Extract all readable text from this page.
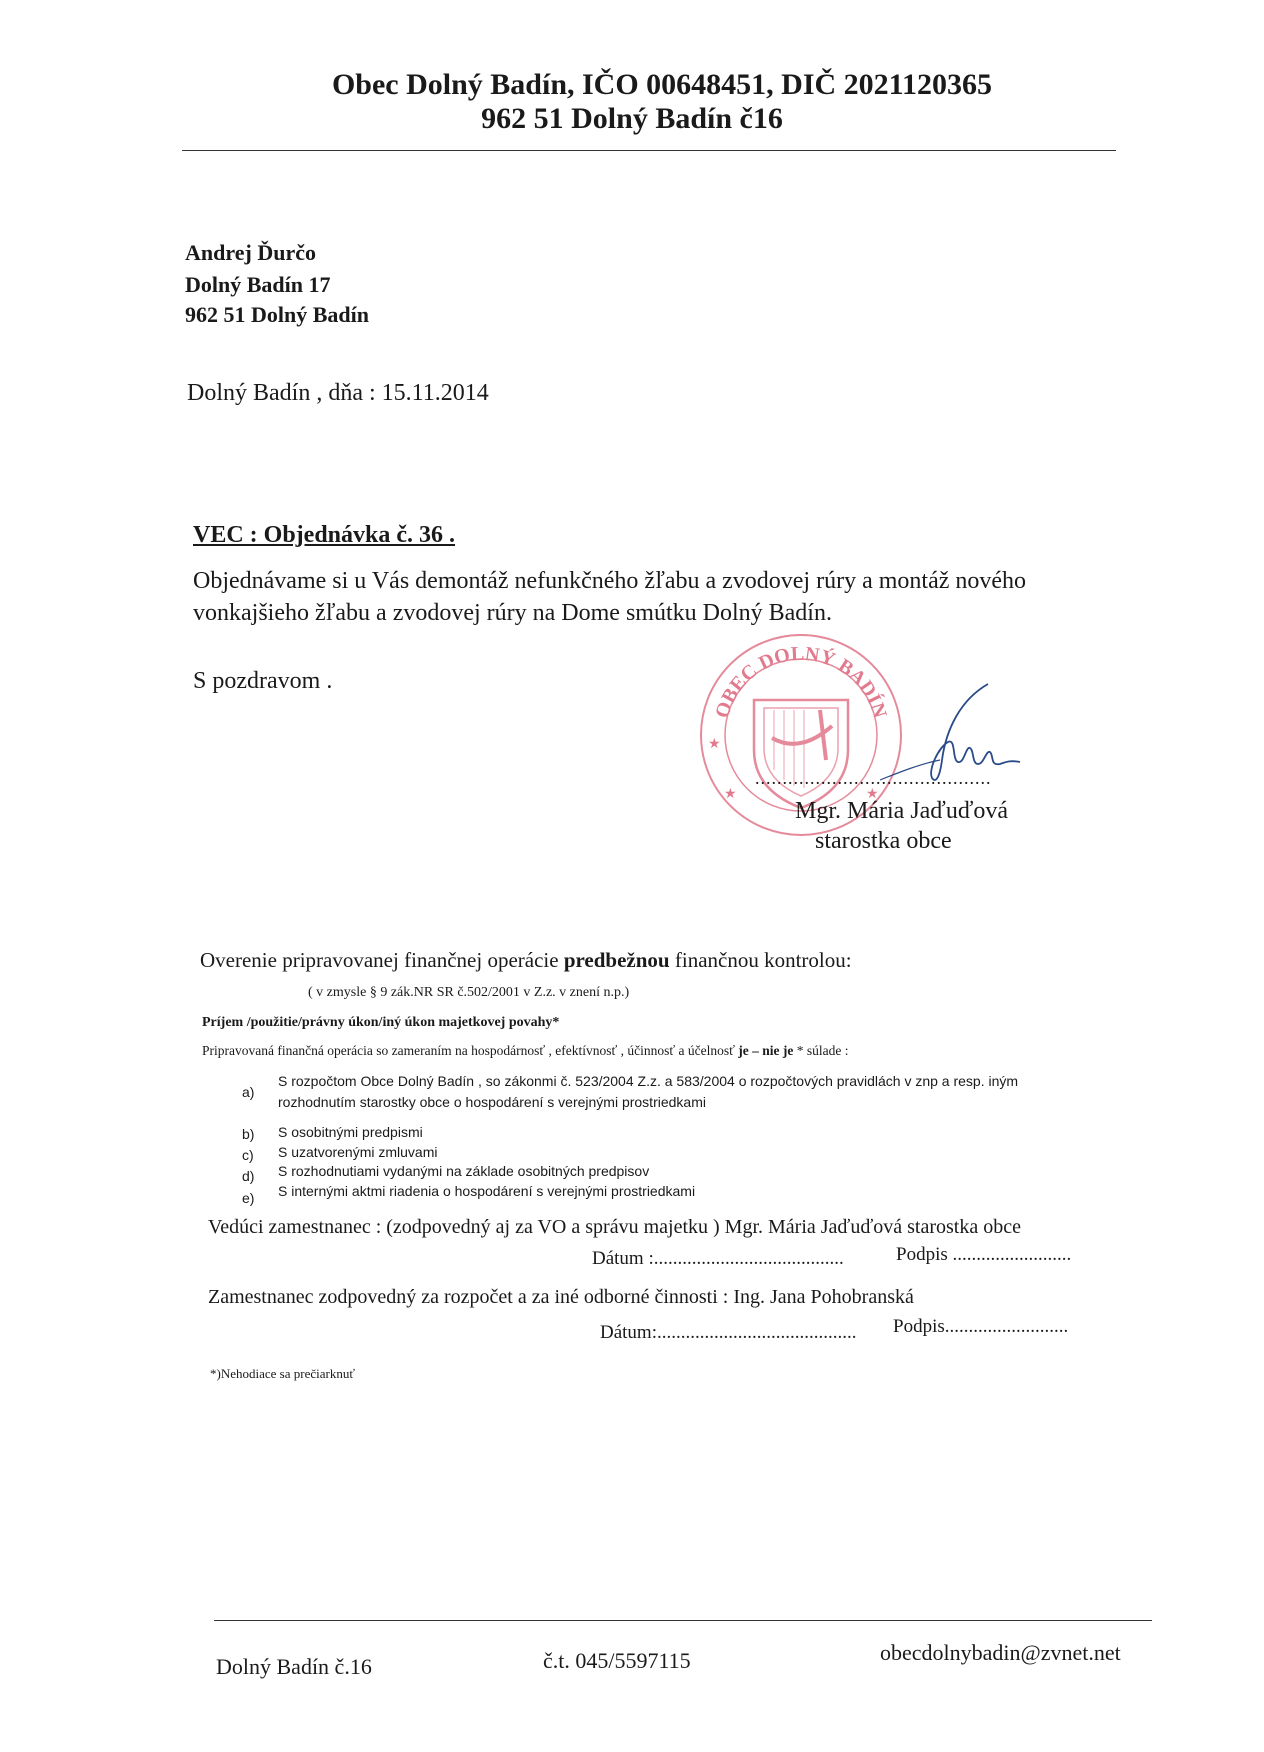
Obec Dolný Badín, IČO 00648451, DIČ 2021120365
962 51 Dolný Badín č16
Andrej Ďurčo
Dolný Badín 17
962 51 Dolný Badín
Dolný Badín , dňa : 15.11.2014
VEC : Objednávka č. 36 .
Objednávame si u Vás demontáž nefunkčného žľabu a zvodovej rúry a montáž nového
vonkajšieho žľabu a zvodovej rúry na Dome smútku Dolný Badín.
S pozdravom .
OBEC DOLNÝ BADÍN
★	★
★
...........................................
Mgr. Mária Jaďuďová
starostka obce
Overenie pripravovanej finančnej operácie predbežnou finančnou kontrolou:
( v zmysle § 9 zák.NR SR č.502/2001 v Z.z. v znení n.p.)
Príjem /použitie/právny úkon/iný úkon majetkovej povahy*
Pripravovaná finančná operácia so zameraním na hospodárnosť , efektívnosť , účinnosť a účelnosť je – nie je * súlade :
a)
S rozpočtom Obce Dolný Badín , so zákonmi č. 523/2004 Z.z. a 583/2004 o rozpočtových pravidlách v znp a resp. iným
rozhodnutím starostky obce o hospodárení s verejnými prostriedkami
b) S osobitnými predpismi
c) S uzatvorenými zmluvami
d) S rozhodnutiami vydanými na základe osobitných predpisov
e) S internými aktmi riadenia o hospodárení s verejnými prostriedkami
Vedúci zamestnanec : (zodpovedný aj za VO a správu majetku ) Mgr. Mária Jaďuďová starostka obce
Dátum :........................................	Podpis .........................
Zamestnanec zodpovedný za rozpočet a za iné odborné činnosti : Ing. Jana Pohobranská
Dátum:.......................................... Podpis..........................
*)Nehodiace sa prečiarknuť
Dolný Badín č.16	č.t. 045/5597115	obecdolnybadin@zvnet.net
